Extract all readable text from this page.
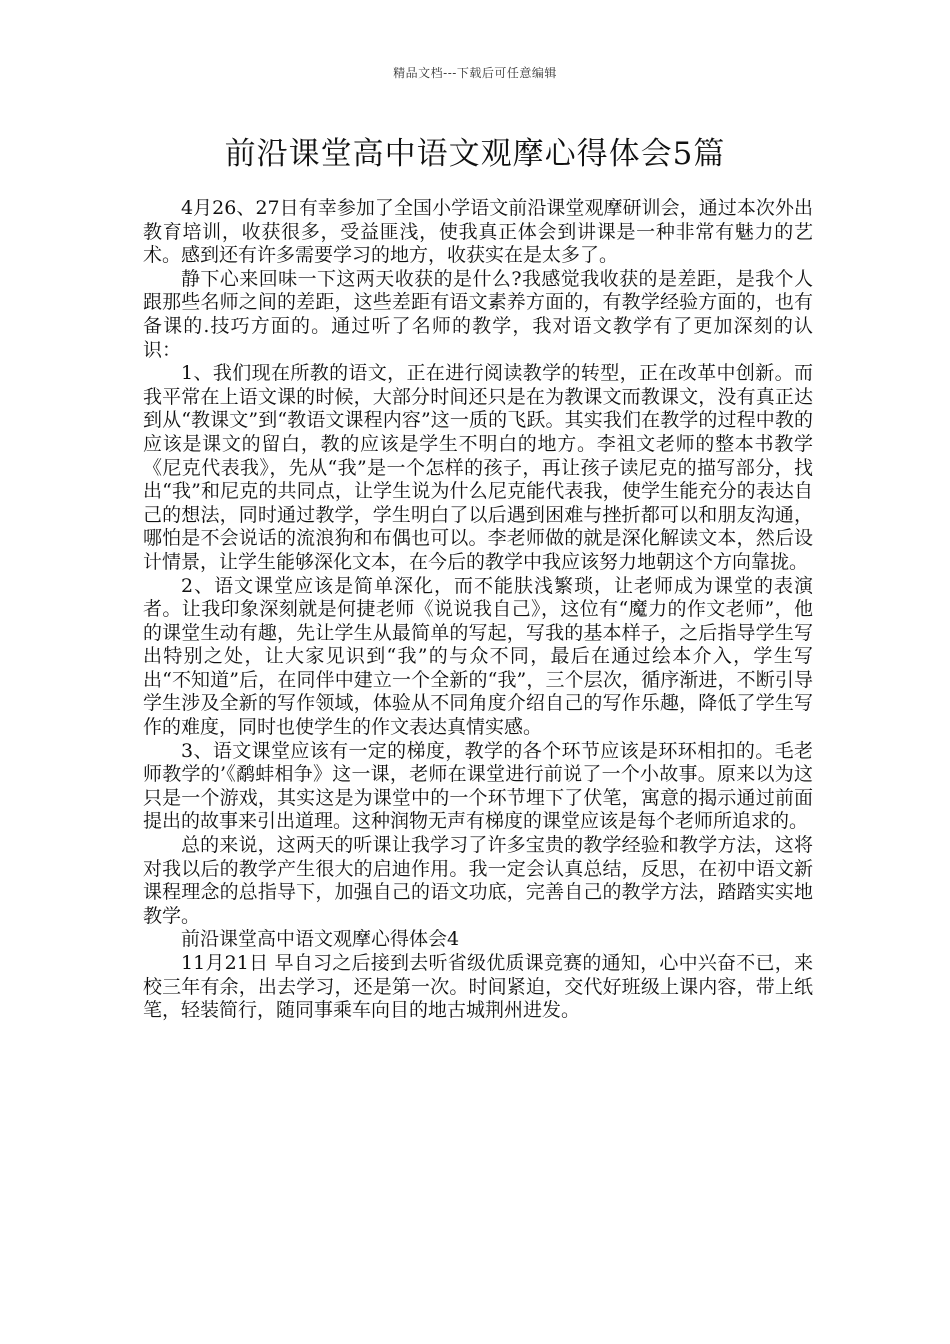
精品文档---下载后可任意编辑
前沿课堂高中语文观摩心得体会5篇

4月26、27日有幸参加了全国小学语文前沿课堂观摩研训会，通过本次外出教育培训，收获很多，受益匪浅，使我真正体会到讲课是一种非常有魅力的艺术。感到还有许多需要学习的地方，收获实在是太多了。

静下心来回味一下这两天收获的是什么?我感觉我收获的是差距，是我个人跟那些名师之间的差距，这些差距有语文素养方面的，有教学经验方面的，也有备课的.技巧方面的。通过听了名师的教学，我对语文教学有了更加深刻的认识：

1、我们现在所教的语文，正在进行阅读教学的转型，正在改革中创新。而我平常在上语文课的时候，大部分时间还只是在为教课文而教课文，没有真正达到从“教课文”到“教语文课程内容”这一质的飞跃。其实我们在教学的过程中教的应该是课文的留白，教的应该是学生不明白的地方。李祖文老师的整本书教学《尼克代表我》，先从“我”是一个怎样的孩子，再让孩子读尼克的描写部分，找出“我”和尼克的共同点，让学生说为什么尼克能代表我，使学生能充分的表达自己的想法，同时通过教学，学生明白了以后遇到困难与挫折都可以和朋友沟通，哪怕是不会说话的流浪狗和布偶也可以。李老师做的就是深化解读文本，然后设计情景，让学生能够深化文本，在今后的教学中我应该努力地朝这个方向靠拢。

2、语文课堂应该是简单深化，而不能肤浅繁琐，让老师成为课堂的表演者。让我印象深刻就是何捷老师《说说我自己》，这位有“魔力的作文老师”，他的课堂生动有趣，先让学生从最简单的写起，写我的基本样子，之后指导学生写出特别之处，让大家见识到“我”的与众不同，最后在通过绘本介入，学生写出“不知道”后，在同伴中建立一个全新的“我”，三个层次，循序渐进，不断引导学生涉及全新的写作领域，体验从不同角度介绍自己的写作乐趣，降低了学生写作的难度，同时也使学生的作文表达真情实感。

3、语文课堂应该有一定的梯度，教学的各个环节应该是环环相扣的。毛老师教学的’《鹬蚌相争》这一课，老师在课堂进行前说了一个小故事。原来以为这只是一个游戏，其实这是为课堂中的一个环节埋下了伏笔，寓意的揭示通过前面提出的故事来引出道理。这种润物无声有梯度的课堂应该是每个老师所追求的。

总的来说，这两天的听课让我学习了许多宝贵的教学经验和教学方法，这将对我以后的教学产生很大的启迪作用。我一定会认真总结，反思，在初中语文新课程理念的总指导下，加强自己的语文功底，完善自己的教学方法，踏踏实实地教学。

前沿课堂高中语文观摩心得体会4

11月21日 早自习之后接到去听省级优质课竞赛的通知，心中兴奋不已，来校三年有余，出去学习，还是第一次。时间紧迫，交代好班级上课内容，带上纸笔，轻装简行，随同事乘车向目的地古城荆州进发。
